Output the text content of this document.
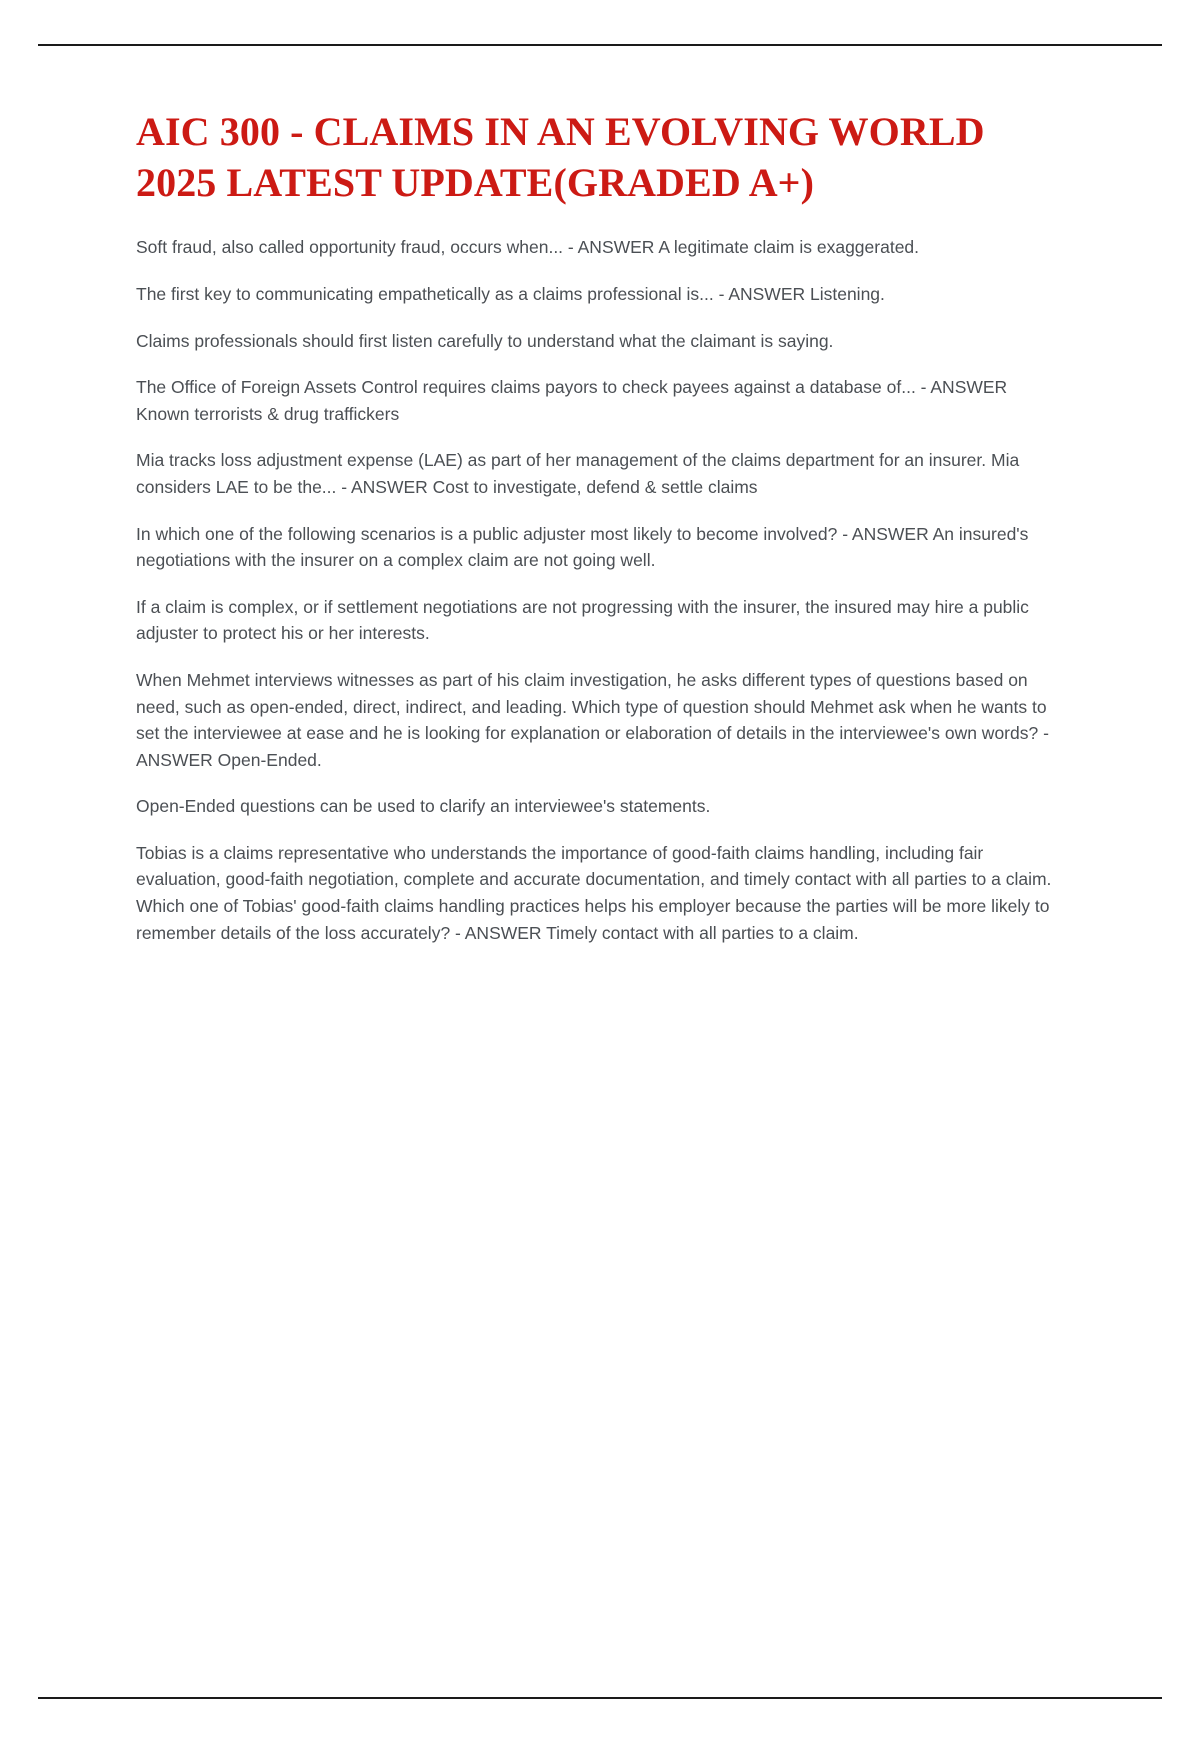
AIC 300 - CLAIMS IN AN EVOLVING WORLD 2025 LATEST UPDATE(GRADED A+)

Soft fraud, also called opportunity fraud, occurs when... - ANSWER A legitimate claim is exaggerated.

The first key to communicating empathetically as a claims professional is... - ANSWER Listening.

Claims professionals should first listen carefully to understand what the claimant is saying.

The Office of Foreign Assets Control requires claims payors to check payees against a database of... - ANSWER Known terrorists & drug traffickers

Mia tracks loss adjustment expense (LAE) as part of her management of the claims department for an insurer. Mia considers LAE to be the... - ANSWER Cost to investigate, defend & settle claims

In which one of the following scenarios is a public adjuster most likely to become involved? - ANSWER An insured's negotiations with the insurer on a complex claim are not going well.

If a claim is complex, or if settlement negotiations are not progressing with the insurer, the insured may hire a public adjuster to protect his or her interests.

When Mehmet interviews witnesses as part of his claim investigation, he asks different types of questions based on need, such as open-ended, direct, indirect, and leading. Which type of question should Mehmet ask when he wants to set the interviewee at ease and he is looking for explanation or elaboration of details in the interviewee's own words? - ANSWER Open-Ended.

Open-Ended questions can be used to clarify an interviewee's statements.

Tobias is a claims representative who understands the importance of good-faith claims handling, including fair evaluation, good-faith negotiation, complete and accurate documentation, and timely contact with all parties to a claim. Which one of Tobias' good-faith claims handling practices helps his employer because the parties will be more likely to remember details of the loss accurately? - ANSWER Timely contact with all parties to a claim.
